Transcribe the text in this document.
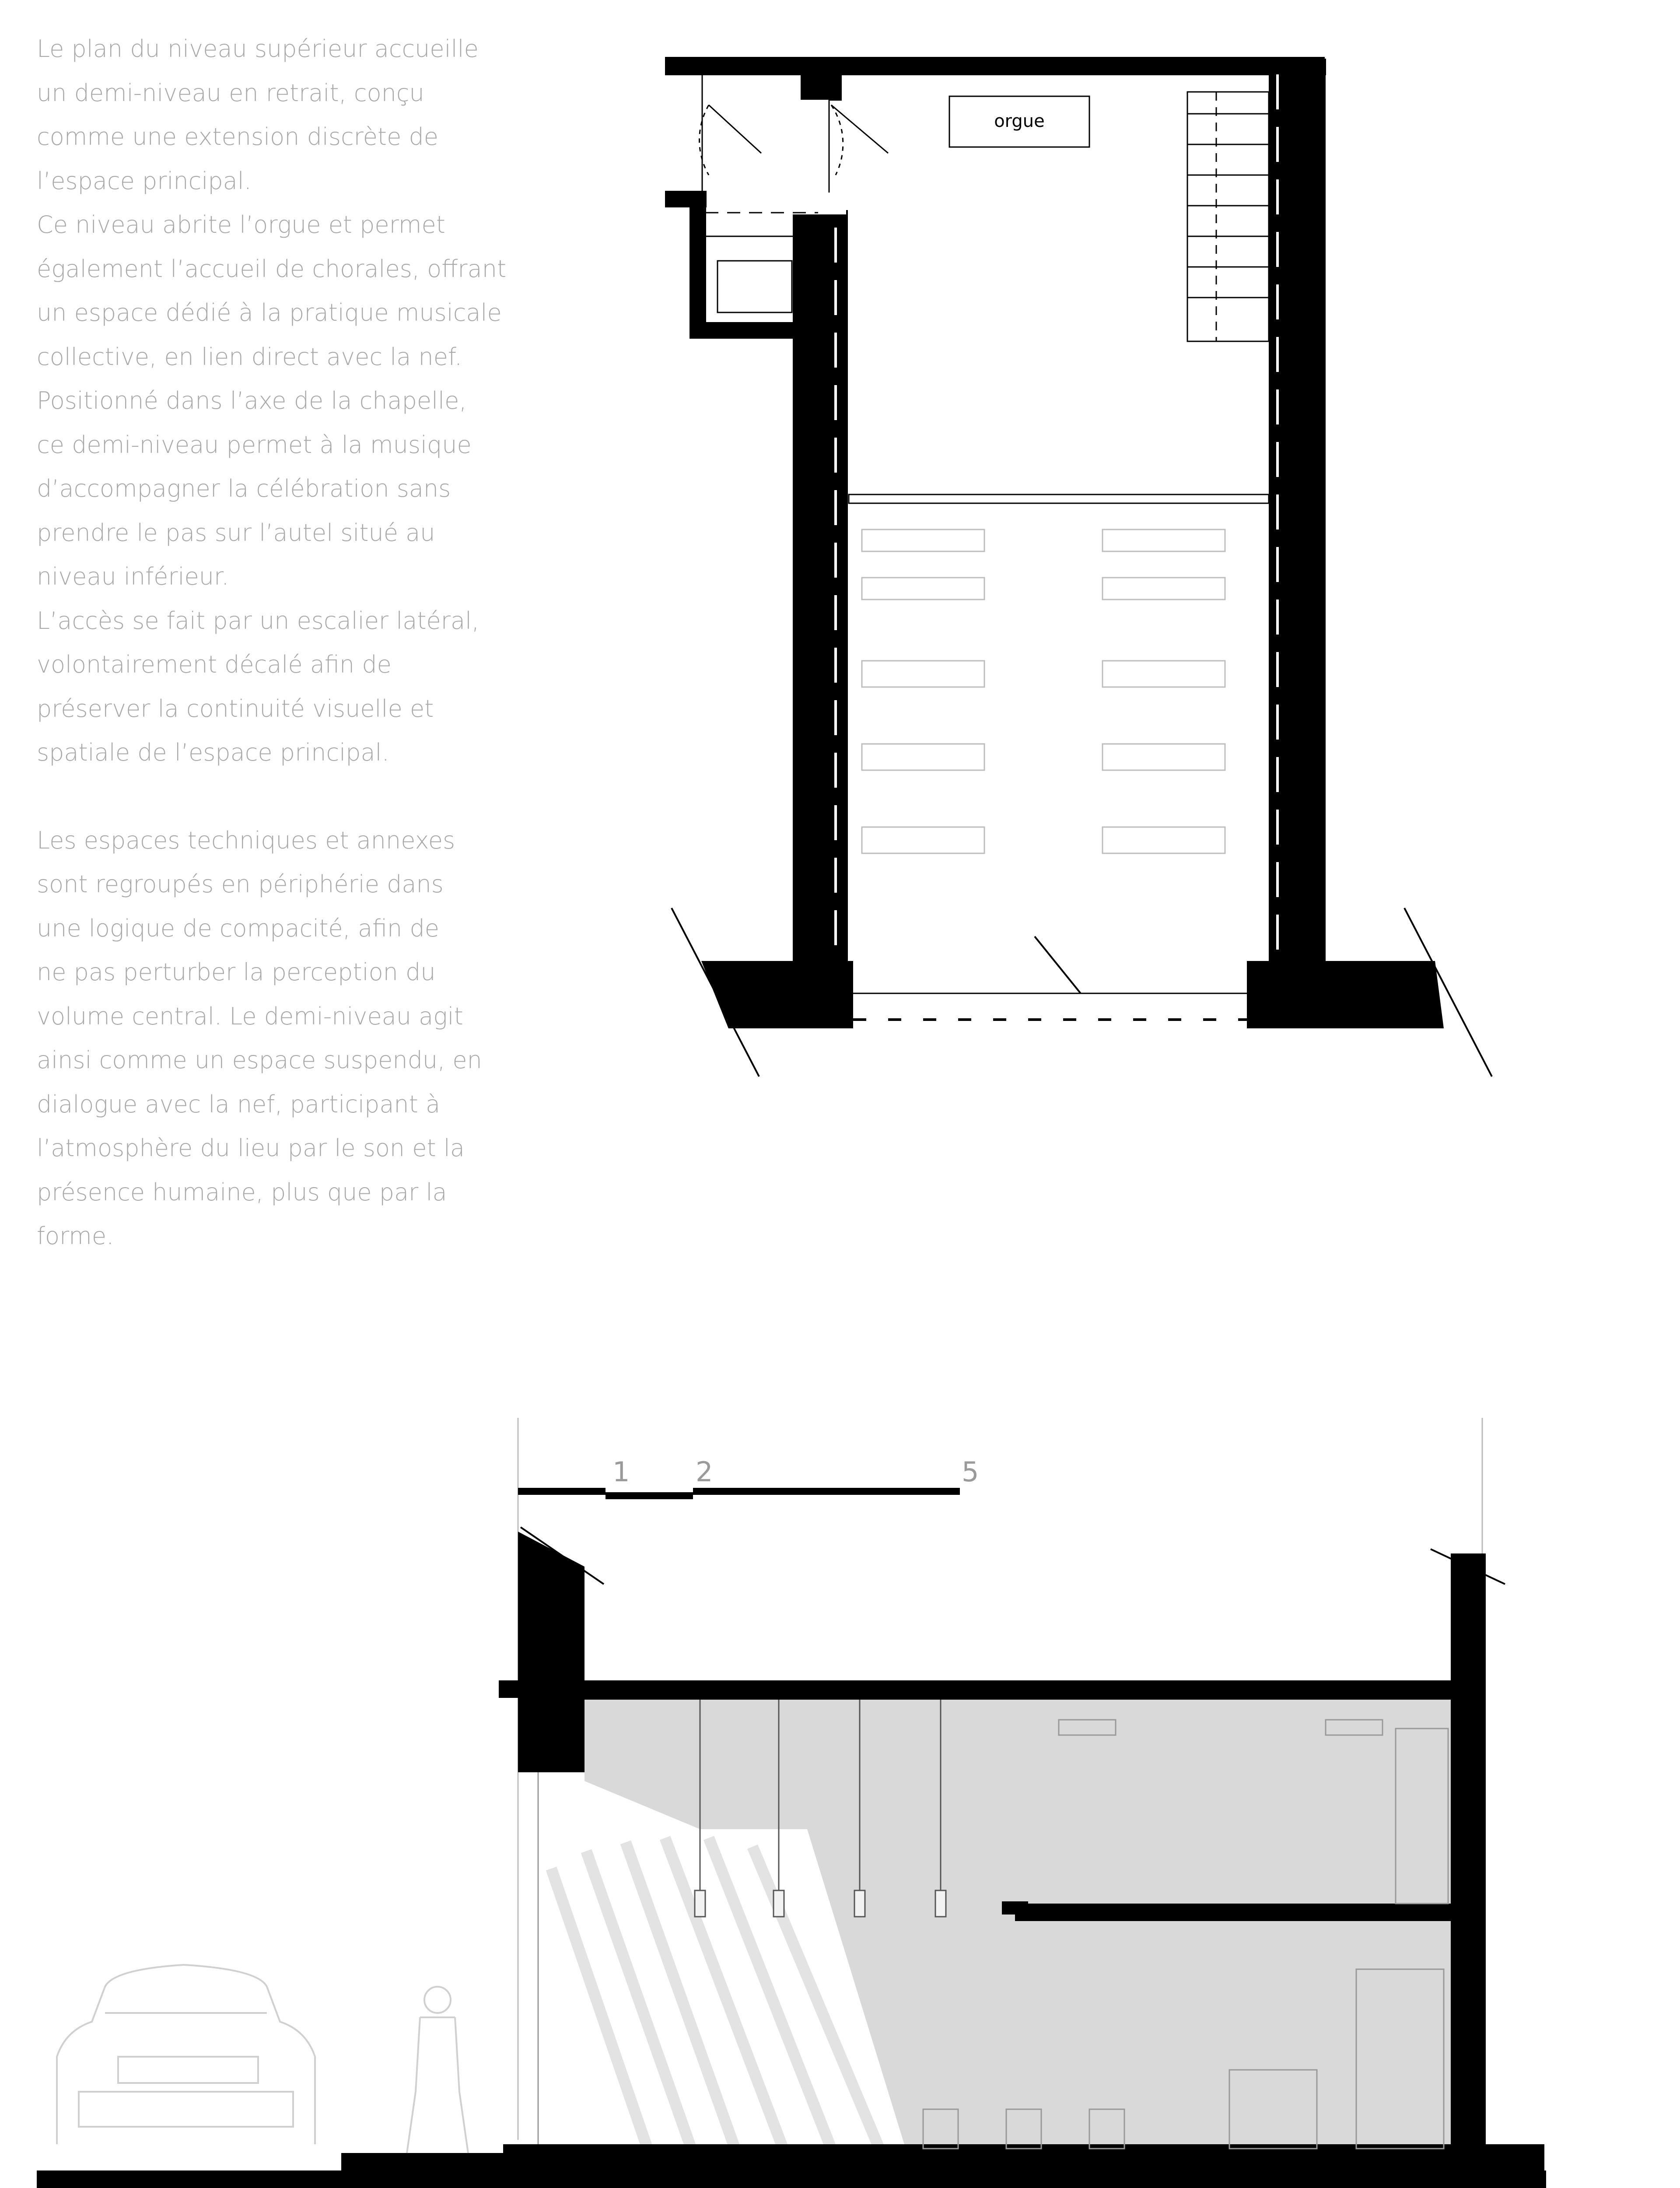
Le plan du niveau supérieur accueille

un demi-niveau en retrait, conçu

comme une extension discrète de

l’espace principal.

Ce niveau abrite l’orgue et permet

également l’accueil de chorales, offrant

un espace dédié à la pratique musicale

collective, en lien direct avec la nef.

Positionné dans l’axe de la chapelle,

ce demi-niveau permet à la musique

d’accompagner la célébration sans

prendre le pas sur l’autel situé au

niveau inférieur.

L’accès se fait par un escalier latéral,

volontairement décalé afin de

préserver la continuité visuelle et

spatiale de l’espace principal.

Les espaces techniques et annexes

sont regroupés en périphérie dans

une logique de compacité, afin de

ne pas perturber la perception du

volume central. Le demi-niveau agit

ainsi comme un espace suspendu, en

dialogue avec la nef, participant à

l’atmosphère du lieu par le son et la

présence humaine, plus que par la

forme.

orgue
1 2	5
